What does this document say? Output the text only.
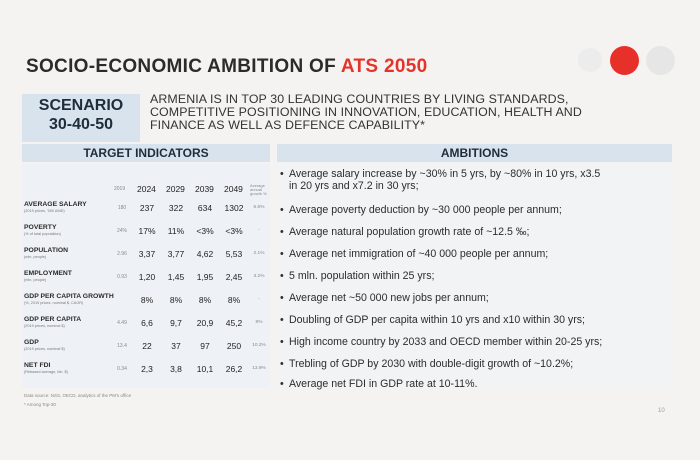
SOCIO-ECONOMIC AMBITION OF ATS 2050
SCENARIO
30-40-50
ARMENIA IS IN TOP 30 LEADING COUNTRIES BY LIVING STANDARDS,
COMPETITIVE POSITIONING IN INNOVATION, EDUCATION, HEALTH AND
FINANCE AS WELL AS DEFENCE CAPABILITY*
TARGET INDICATORS	AMBITIONS
2019 2024 2029 2039 2049 Average annual growth %
AVERAGE SALARY
(2019 prices, '000 AMD)	180	237	322	634	1302	6.6%
POVERTY
(% of total population)	24%	17%	11%	<3%	<3%	-
POPULATION
(mln. people)	2.96	3,37	3,77	4,62	5,53	2.1%
EMPLOYMENT
(mln. people)	0.93	1,20	1,45	1,95	2,45	3.2%
GDP PER CAPITA GROWTH
(%, 2019 prices, nominal $, CAGR)	8%	8%	8%	8%	-
GDP PER CAPITA
(2019 prices, nominal $)	4.49	6,6	9,7	20,9	45,2	8%
GDP
(2019 prices, nominal $)	13.4	22	37	97	250	10.2%
NET FDI
(Rebased average, bln. $)	0.34	2,3	3,8	10,1	26,2	13.9%
• Average salary increase by ~30% in 5 yrs, by ~80% in 10 yrs, x3.5
in 20 yrs and x7.2 in 30 yrs;
• Average poverty deduction by ~30 000 people per annum;
• Average natural population growth rate of ~12.5 ‰;
• Average net immigration of ~40 000 people per annum;
• 5 mln. population within 25 yrs;
• Average net ~50 000 new jobs per annum;
• Doubling of GDP per capita within 10 yrs and x10 within 30 yrs;
• High income country by 2033 and OECD member within 20-25 yrs;
• Trebling of GDP by 2030 with double-digit growth of ~10.2%;
• Average net FDI in GDP rate at 10-11%.
Data source: NSS, OECD, analytics of the PM's office
* Among Top-30
10
